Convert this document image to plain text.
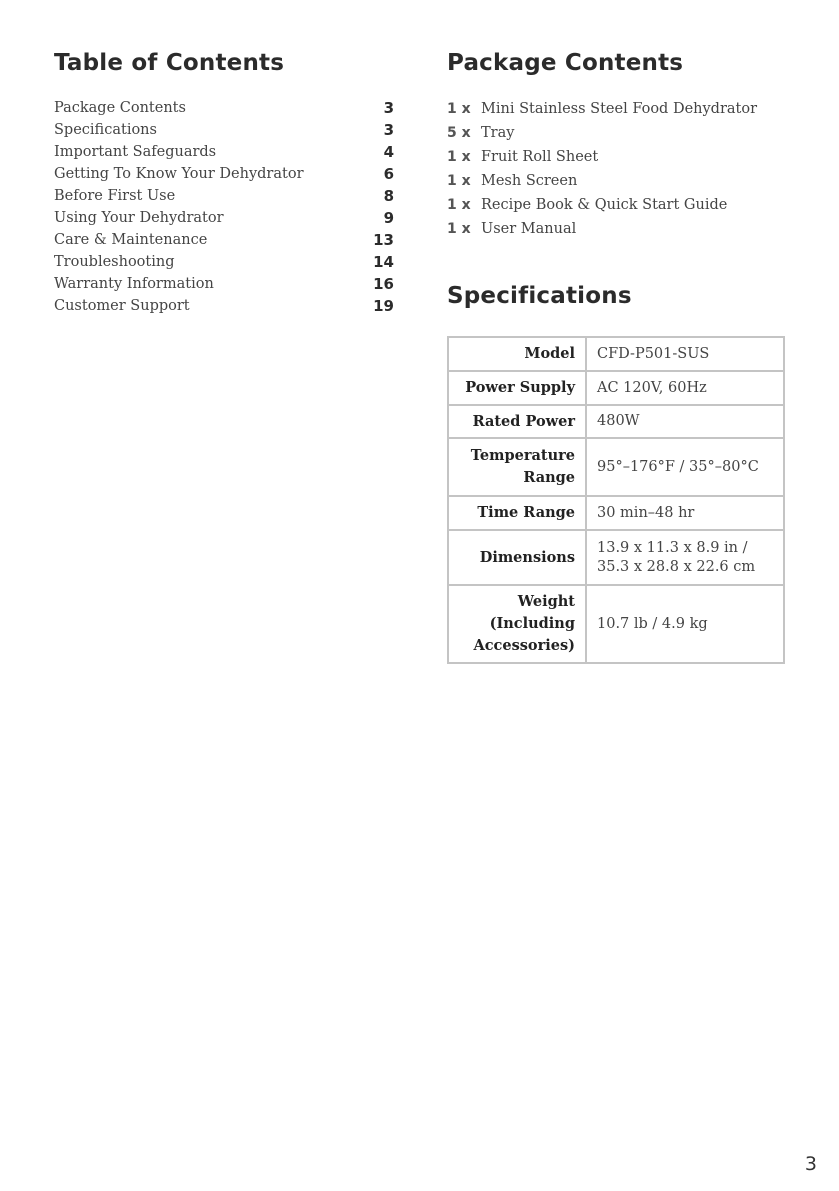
Table of Contents
Package Contents	3
Specifications	3
Important Safeguards	4
Getting To Know Your Dehydrator	6
Before First Use	8
Using Your Dehydrator	9
Care & Maintenance	13
Troubleshooting	14
Warranty Information	16
Customer Support	19
Package Contents
1 x Mini Stainless Steel Food Dehydrator
5 x Tray
1 x Fruit Roll Sheet
1 x Mesh Screen
1 x Recipe Book & Quick Start Guide
1 x User Manual
Specifications
Model	CFD-P501-SUS
Power Supply	AC 120V, 60Hz
Rated Power	480W
Temperature
Range	95°–176°F / 35°–80°C
Time Range	30 min–48 hr
Dimensions	13.9 x 11.3 x 8.9 in /
35.3 x 28.8 x 22.6 cm

Weight
(Including
Accessories)	10.7 lb / 4.9 kg
3
